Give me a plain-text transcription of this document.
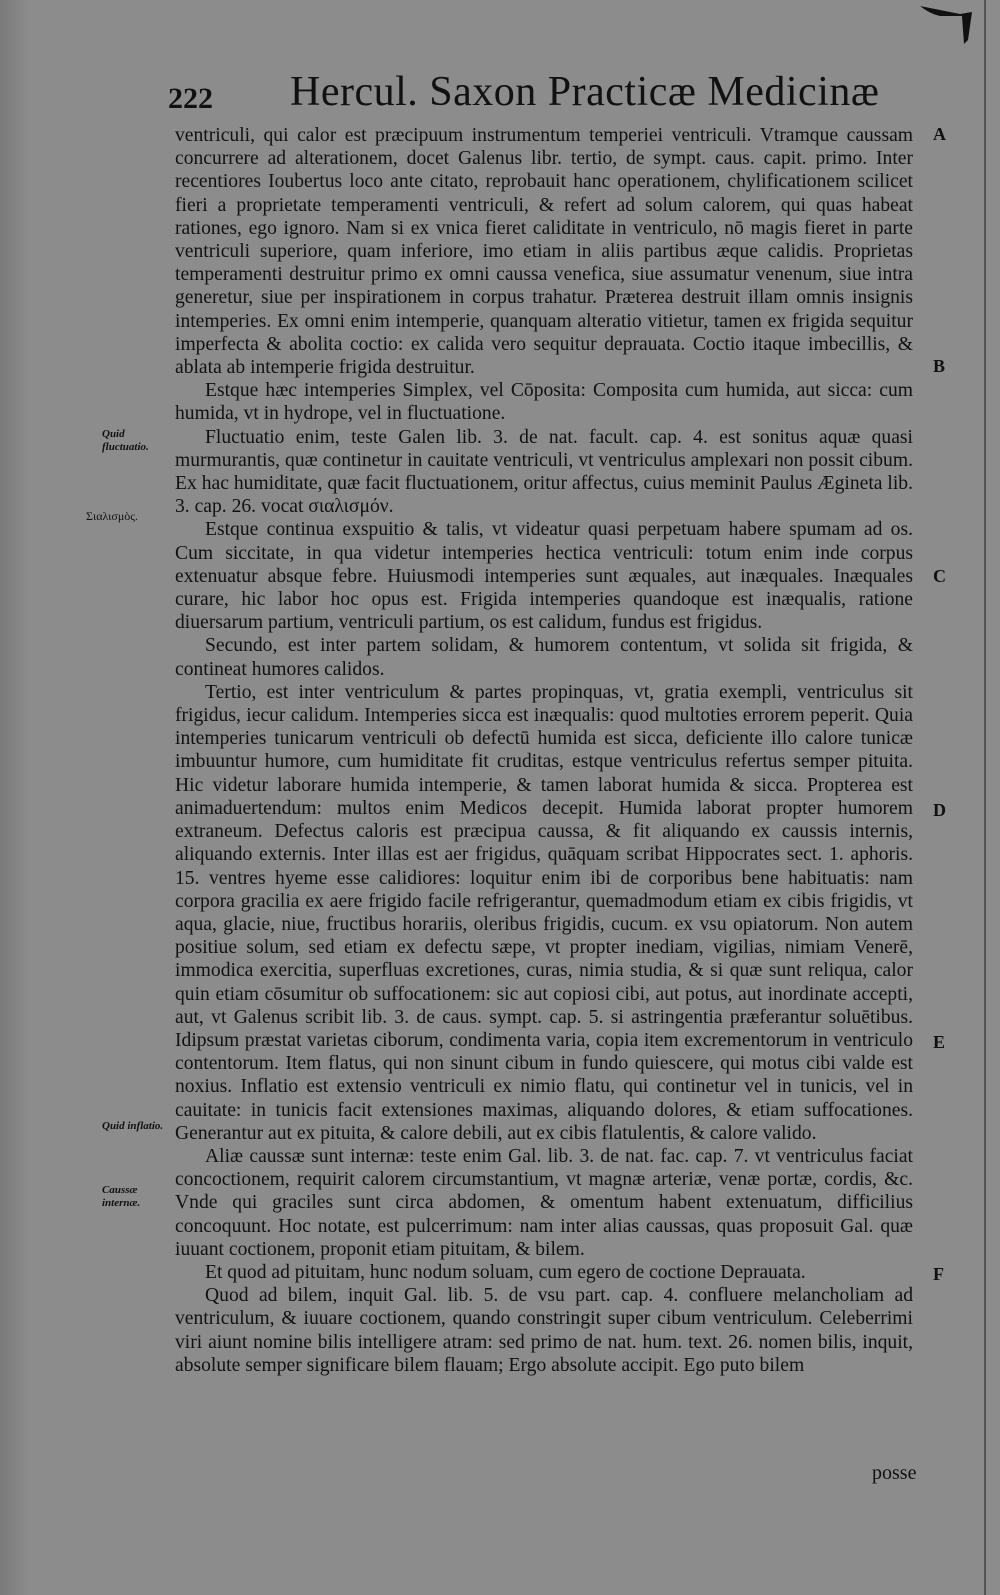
222 Hercul. Saxon Practicæ Medicinæ
Quid fluctuatio.
Σιαλισμὸς.
Quid inflatio.
Caussæ internæ.
A
B
C
D
E
F

ventriculi, qui calor est præcipuum instrumentum temperiei ventriculi. Vtramque caussam concurrere ad alterationem, docet Galenus libr. tertio, de sympt. caus. capit. primo. Inter recentiores Ioubertus loco ante citato, reprobauit hanc operationem, chylificationem scilicet fieri a proprietate temperamenti ventriculi, & refert ad solum calorem, qui quas habeat rationes, ego ignoro. Nam si ex vnica fieret caliditate in ventriculo, nō magis fieret in parte ventriculi superiore, quam inferiore, imo etiam in aliis partibus æque calidis. Proprietas temperamenti destruitur primo ex omni caussa venefica, siue assumatur venenum, siue intra generetur, siue per inspirationem in corpus trahatur. Præterea destruit illam omnis insignis intemperies. Ex omni enim intemperie, quanquam alteratio vitietur, tamen ex frigida sequitur imperfecta & abolita coctio: ex calida vero sequitur deprauata. Coctio itaque imbecillis, & ablata ab intemperie frigida destruitur.

Estque hæc intemperies Simplex, vel Cōposita: Composita cum humida, aut sicca: cum humida, vt in hydrope, vel in fluctuatione.

Fluctuatio enim, teste Galen lib. 3. de nat. facult. cap. 4. est sonitus aquæ quasi murmurantis, quæ continetur in cauitate ventriculi, vt ventriculus amplexari non possit cibum. Ex hac humiditate, quæ facit fluctuationem, oritur affectus, cuius meminit Paulus Ægineta lib. 3. cap. 26. vocat σιαλισμόν.

Estque continua exspuitio & talis, vt videatur quasi perpetuam habere spumam ad os. Cum siccitate, in qua videtur intemperies hectica ventriculi: totum enim inde corpus extenuatur absque febre. Huiusmodi intemperies sunt æquales, aut inæquales. Inæquales curare, hic labor hoc opus est. Frigida intemperies quandoque est inæqualis, ratione diuersarum partium, ventriculi partium, os est calidum, fundus est frigidus.

Secundo, est inter partem solidam, & humorem contentum, vt solida sit frigida, & contineat humores calidos.

Tertio, est inter ventriculum & partes propinquas, vt, gratia exempli, ventriculus sit frigidus, iecur calidum. Intemperies sicca est inæqualis: quod multoties errorem peperit. Quia intemperies tunicarum ventriculi ob defectū humida est sicca, deficiente illo calore tunicæ imbuuntur humore, cum humiditate fit cruditas, estque ventriculus refertus semper pituita. Hic videtur laborare humida intemperie, & tamen laborat humida & sicca. Propterea est animaduertendum: multos enim Medicos decepit. Humida laborat propter humorem extraneum. Defectus caloris est præcipua caussa, & fit aliquando ex caussis internis, aliquando externis. Inter illas est aer frigidus, quāquam scribat Hippocrates sect. 1. aphoris. 15. ventres hyeme esse calidiores: loquitur enim ibi de corporibus bene habituatis: nam corpora gracilia ex aere frigido facile refrigerantur, quemadmodum etiam ex cibis frigidis, vt aqua, glacie, niue, fructibus horariis, oleribus frigidis, cucum. ex vsu opiatorum. Non autem positiue solum, sed etiam ex defectu sæpe, vt propter inediam, vigilias, nimiam Venerē, immodica exercitia, superfluas excretiones, curas, nimia studia, & si quæ sunt reliqua, calor quin etiam cōsumitur ob suffocationem: sic aut copiosi cibi, aut potus, aut inordinate accepti, aut, vt Galenus scribit lib. 3. de caus. sympt. cap. 5. si astringentia præferantur soluētibus. Idipsum præstat varietas ciborum, condimenta varia, copia item excrementorum in ventriculo contentorum. Item flatus, qui non sinunt cibum in fundo quiescere, qui motus cibi valde est noxius. Inflatio est extensio ventriculi ex nimio flatu, qui continetur vel in tunicis, vel in cauitate: in tunicis facit extensiones maximas, aliquando dolores, & etiam suffocationes. Generantur aut ex pituita, & calore debili, aut ex cibis flatulentis, & calore valido.

Aliæ caussæ sunt internæ: teste enim Gal. lib. 3. de nat. fac. cap. 7. vt ventriculus faciat concoctionem, requirit calorem circumstantium, vt magnæ arteriæ, venæ portæ, cordis, &c. Vnde qui graciles sunt circa abdomen, & omentum habent extenuatum, difficilius concoquunt. Hoc notate, est pulcerrimum: nam inter alias caussas, quas proposuit Gal. quæ iuuant coctionem, proponit etiam pituitam, & bilem.

Et quod ad pituitam, hunc nodum soluam, cum egero de coctione Deprauata.

Quod ad bilem, inquit Gal. lib. 5. de vsu part. cap. 4. confluere melancholiam ad ventriculum, & iuuare coctionem, quando constringit super cibum ventriculum. Celeberrimi viri aiunt nomine bilis intelligere atram: sed primo de nat. hum. text. 26. nomen bilis, inquit, absolute semper significare bilem flauam; Ergo absolute accipit. Ego puto bilem

posse
